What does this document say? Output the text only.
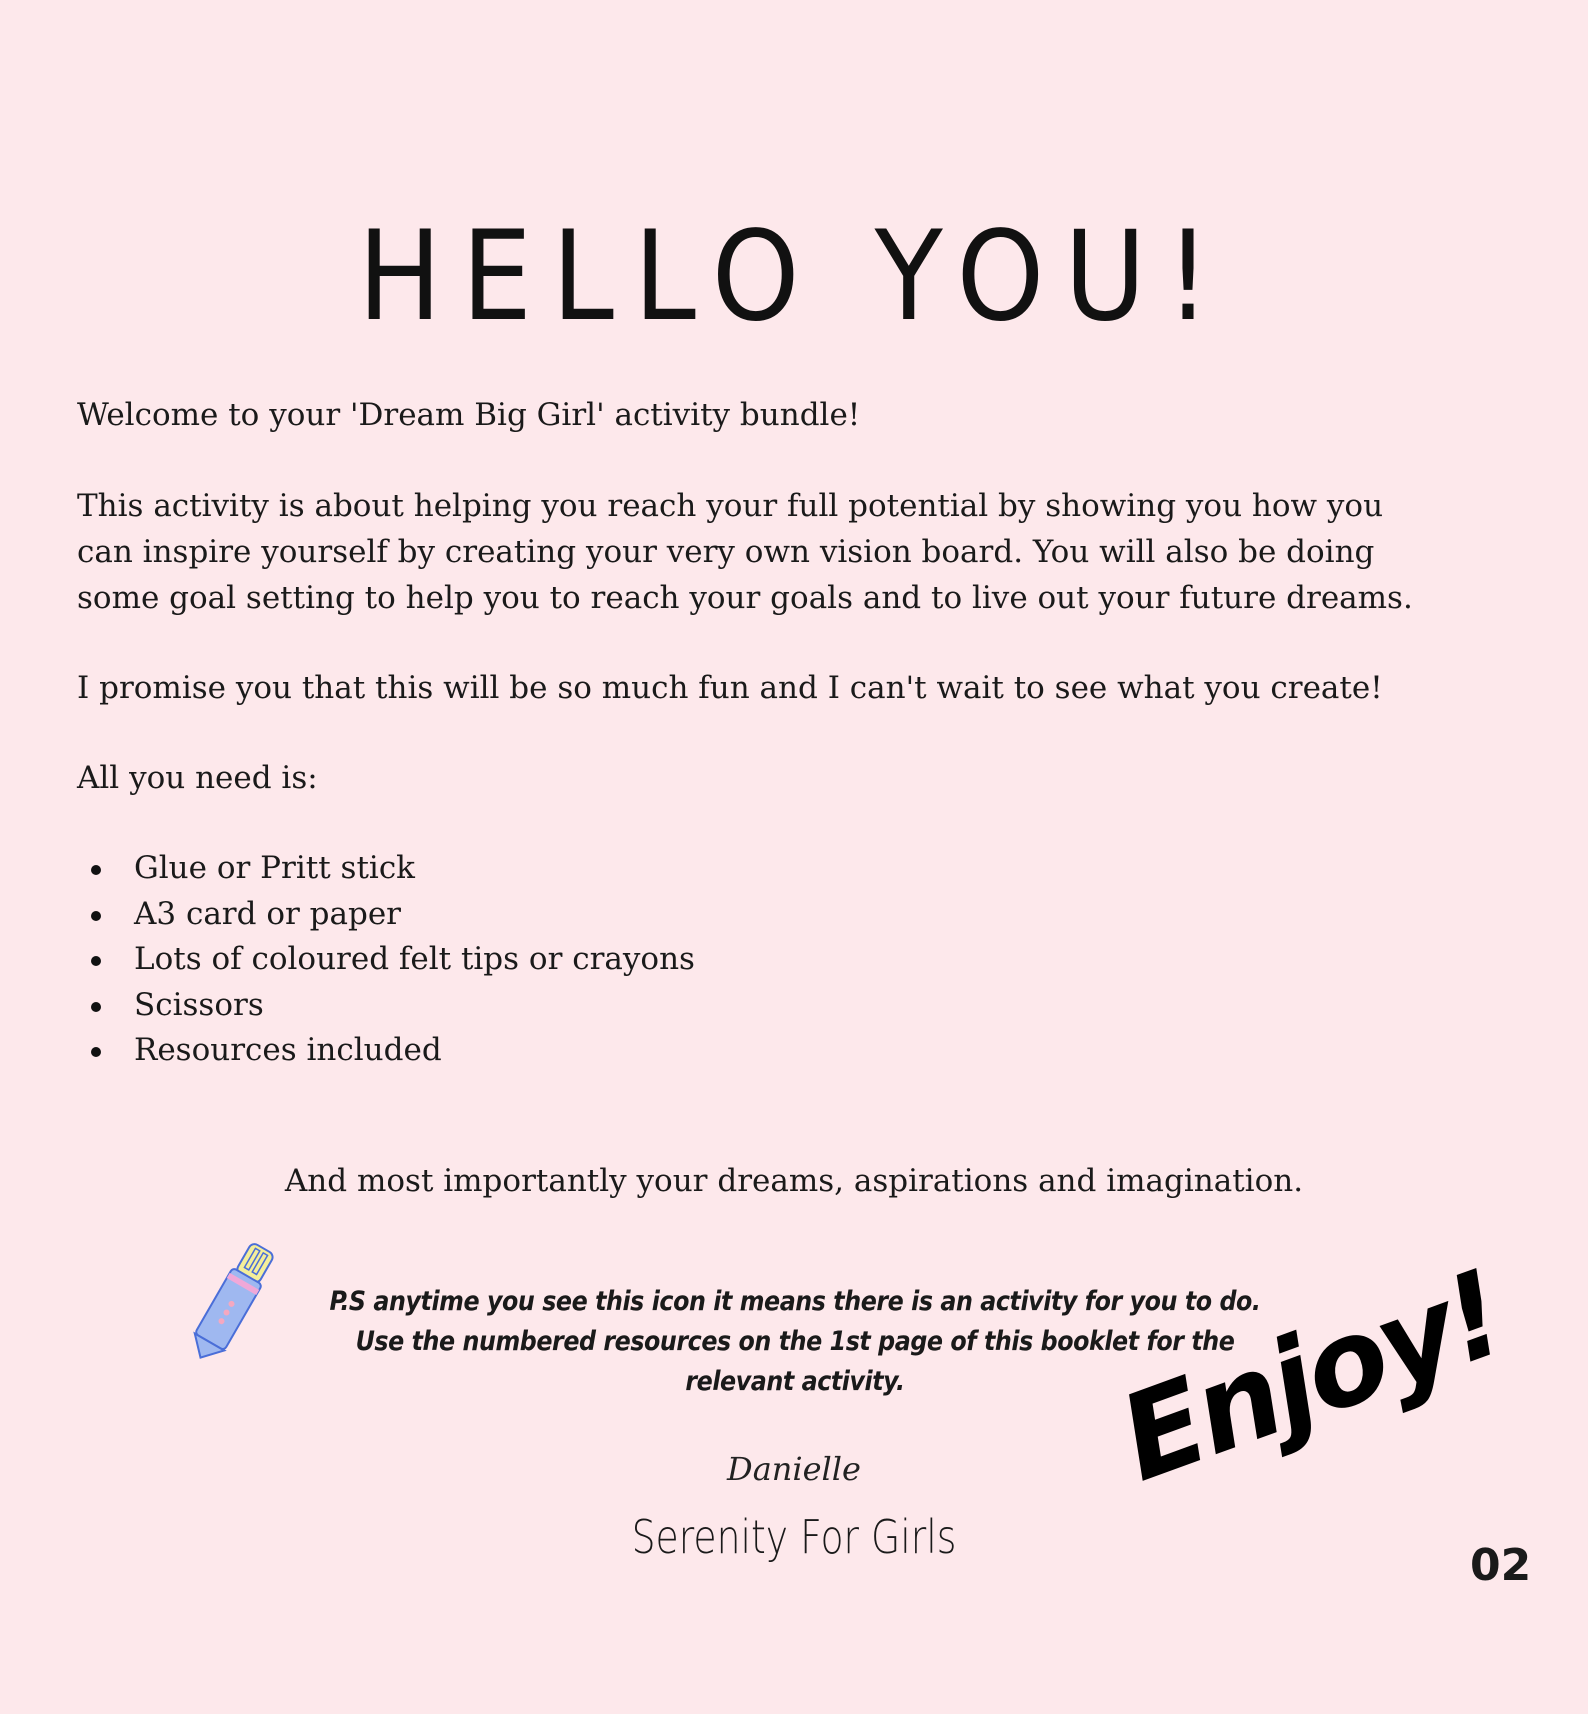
HELLO YOU!
Welcome to your 'Dream Big Girl' activity bundle!
This activity is about helping you reach your full potential by showing you how you
can inspire yourself by creating your very own vision board. You will also be doing
some goal setting to help you to reach your goals and to live out your future dreams.
I promise you that this will be so much fun and I can't wait to see what you create!
All you need is:
Glue or Pritt stick
A3 card or paper
Lots of coloured felt tips or crayons
Scissors
Resources included
And most importantly your dreams, aspirations and imagination.
P.S anytime you see this icon it means there is an activity for you to do.
Use the numbered resources on the 1st page of this booklet for the
relevant activity.
Danielle
Serenity For Girls
Enjoy!
02
